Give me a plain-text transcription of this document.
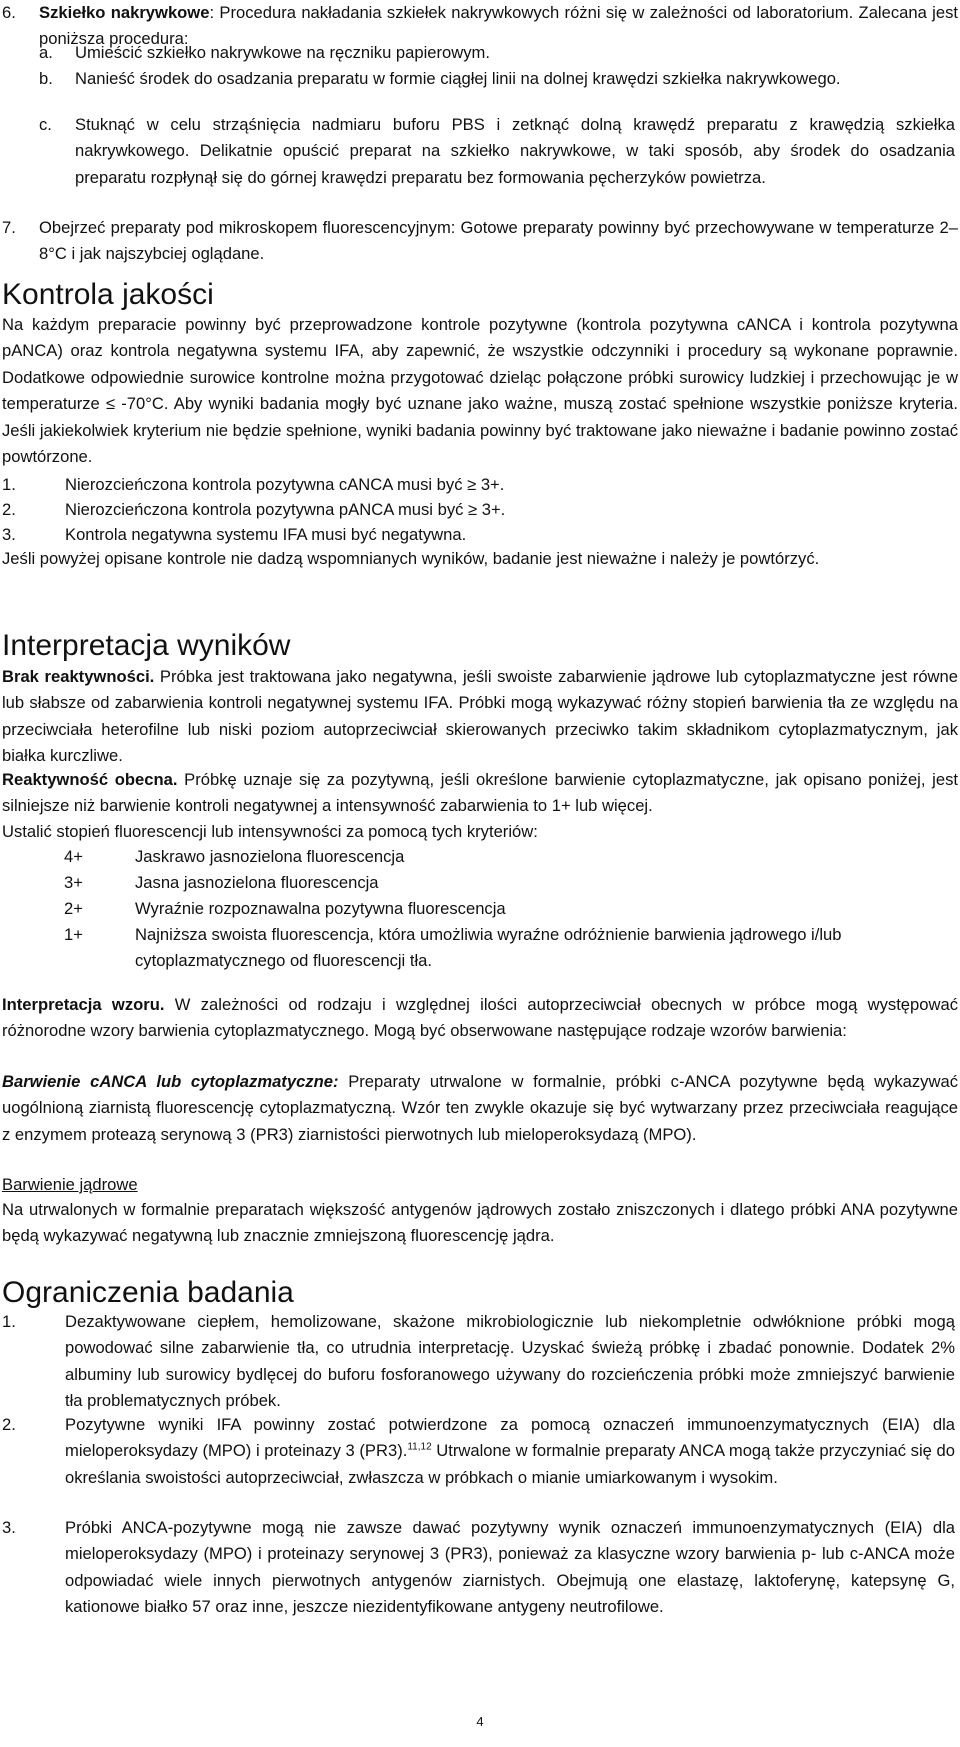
6. Szkiełko nakrywkowe: Procedura nakładania szkiełek nakrywkowych różni się w zależności od laboratorium. Zalecana jest poniższa procedura:

a. Umieścić szkiełko nakrywkowe na ręczniku papierowym.

b. Nanieść środek do osadzania preparatu w formie ciągłej linii na dolnej krawędzi szkiełka nakrywkowego.

c. Stuknąć w celu strząśnięcia nadmiaru buforu PBS i zetknąć dolną krawędź preparatu z krawędzią szkiełka nakrywkowego. Delikatnie opuścić preparat na szkiełko nakrywkowe, w taki sposób, aby środek do osadzania preparatu rozpłynął się do górnej krawędzi preparatu bez formowania pęcherzyków powietrza.

7. Obejrzeć preparaty pod mikroskopem fluorescencyjnym: Gotowe preparaty powinny być przechowywane w temperaturze 2–8°C i jak najszybciej oglądane.

Kontrola jakości

Na każdym preparacie powinny być przeprowadzone kontrole pozytywne (kontrola pozytywna cANCA i kontrola pozytywna pANCA) oraz kontrola negatywna systemu IFA, aby zapewnić, że wszystkie odczynniki i procedury są wykonane poprawnie. Dodatkowe odpowiednie surowice kontrolne można przygotować dzieląc połączone próbki surowicy ludzkiej i przechowując je w temperaturze ≤ -70°C. Aby wyniki badania mogły być uznane jako ważne, muszą zostać spełnione wszystkie poniższe kryteria. Jeśli jakiekolwiek kryterium nie będzie spełnione, wyniki badania powinny być traktowane jako nieważne i badanie powinno zostać powtórzone.

1.	Nierozcieńczona kontrola pozytywna cANCA musi być ≥ 3+.

2.	Nierozcieńczona kontrola pozytywna pANCA musi być ≥ 3+.

3.	Kontrola negatywna systemu IFA musi być negatywna.

Jeśli powyżej opisane kontrole nie dadzą wspomnianych wyników, badanie jest nieważne i należy je powtórzyć.

Interpretacja wyników

Brak reaktywności. Próbka jest traktowana jako negatywna, jeśli swoiste zabarwienie jądrowe lub cytoplazmatyczne jest równe lub słabsze od zabarwienia kontroli negatywnej systemu IFA. Próbki mogą wykazywać różny stopień barwienia tła ze względu na przeciwciała heterofilne lub niski poziom autoprzeciwciał skierowanych przeciwko takim składnikom cytoplazmatycznym, jak białka kurczliwe.

Reaktywność obecna. Próbkę uznaje się za pozytywną, jeśli określone barwienie cytoplazmatyczne, jak opisano poniżej, jest silniejsze niż barwienie kontroli negatywnej a intensywność zabarwienia to 1+ lub więcej.

Ustalić stopień fluorescencji lub intensywności za pomocą tych kryteriów:

4+	Jaskrawo jasnozielona fluorescencja
3+	Jasna jasnozielona fluorescencja
2+	Wyraźnie rozpoznawalna pozytywna fluorescencja
1+	Najniższa swoista fluorescencja, która umożliwia wyraźne odróżnienie barwienia jądrowego i/lub cytoplazmatycznego od fluorescencji tła.

Interpretacja wzoru. W zależności od rodzaju i względnej ilości autoprzeciwciał obecnych w próbce mogą występować różnorodne wzory barwienia cytoplazmatycznego. Mogą być obserwowane następujące rodzaje wzorów barwienia:

Barwienie cANCA lub cytoplazmatyczne: Preparaty utrwalone w formalnie, próbki c-ANCA pozytywne będą wykazywać uogólnioną ziarnistą fluorescencję cytoplazmatyczną. Wzór ten zwykle okazuje się być wytwarzany przez przeciwciała reagujące z enzymem proteazą serynową 3 (PR3) ziarnistości pierwotnych lub mieloperoksydazą (MPO).

Barwienie jądrowe

Na utrwalonych w formalnie preparatach większość antygenów jądrowych zostało zniszczonych i dlatego próbki ANA pozytywne będą wykazywać negatywną lub znacznie zmniejszoną fluorescencję jądra.

Ograniczenia badania
1.	Dezaktywowane ciepłem, hemolizowane, skażone mikrobiologicznie lub niekompletnie odwłóknione próbki mogą powodować silne zabarwienie tła, co utrudnia interpretację. Uzyskać świeżą próbkę i zbadać ponownie. Dodatek 2% albuminy lub surowicy bydlęcej do buforu fosforanowego używany do rozcieńczenia próbki może zmniejszyć barwienie tła problematycznych próbek.

2.	Pozytywne wyniki IFA powinny zostać potwierdzone za pomocą oznaczeń immunoenzymatycznych (EIA) dla mieloperoksydazy (MPO) i proteinazy 3 (PR3).$^{11,12}$ Utrwalone w formalnie preparaty ANCA mogą także przyczyniać się do określania swoistości autoprzeciwciał, zwłaszcza w próbkach o mianie umiarkowanym i wysokim.

3.	Próbki ANCA-pozytywne mogą nie zawsze dawać pozytywny wynik oznaczeń immunoenzymatycznych (EIA) dla mieloperoksydazy (MPO) i proteinazy serynowej 3 (PR3), ponieważ za klasyczne wzory barwienia p- lub c-ANCA może odpowiadać wiele innych pierwotnych antygenów ziarnistych. Obejmują one elastazę, laktoferynę, katepsynę G, kationowe białko 57 oraz inne, jeszcze niezidentyfikowane antygeny neutrofilowe.

4
